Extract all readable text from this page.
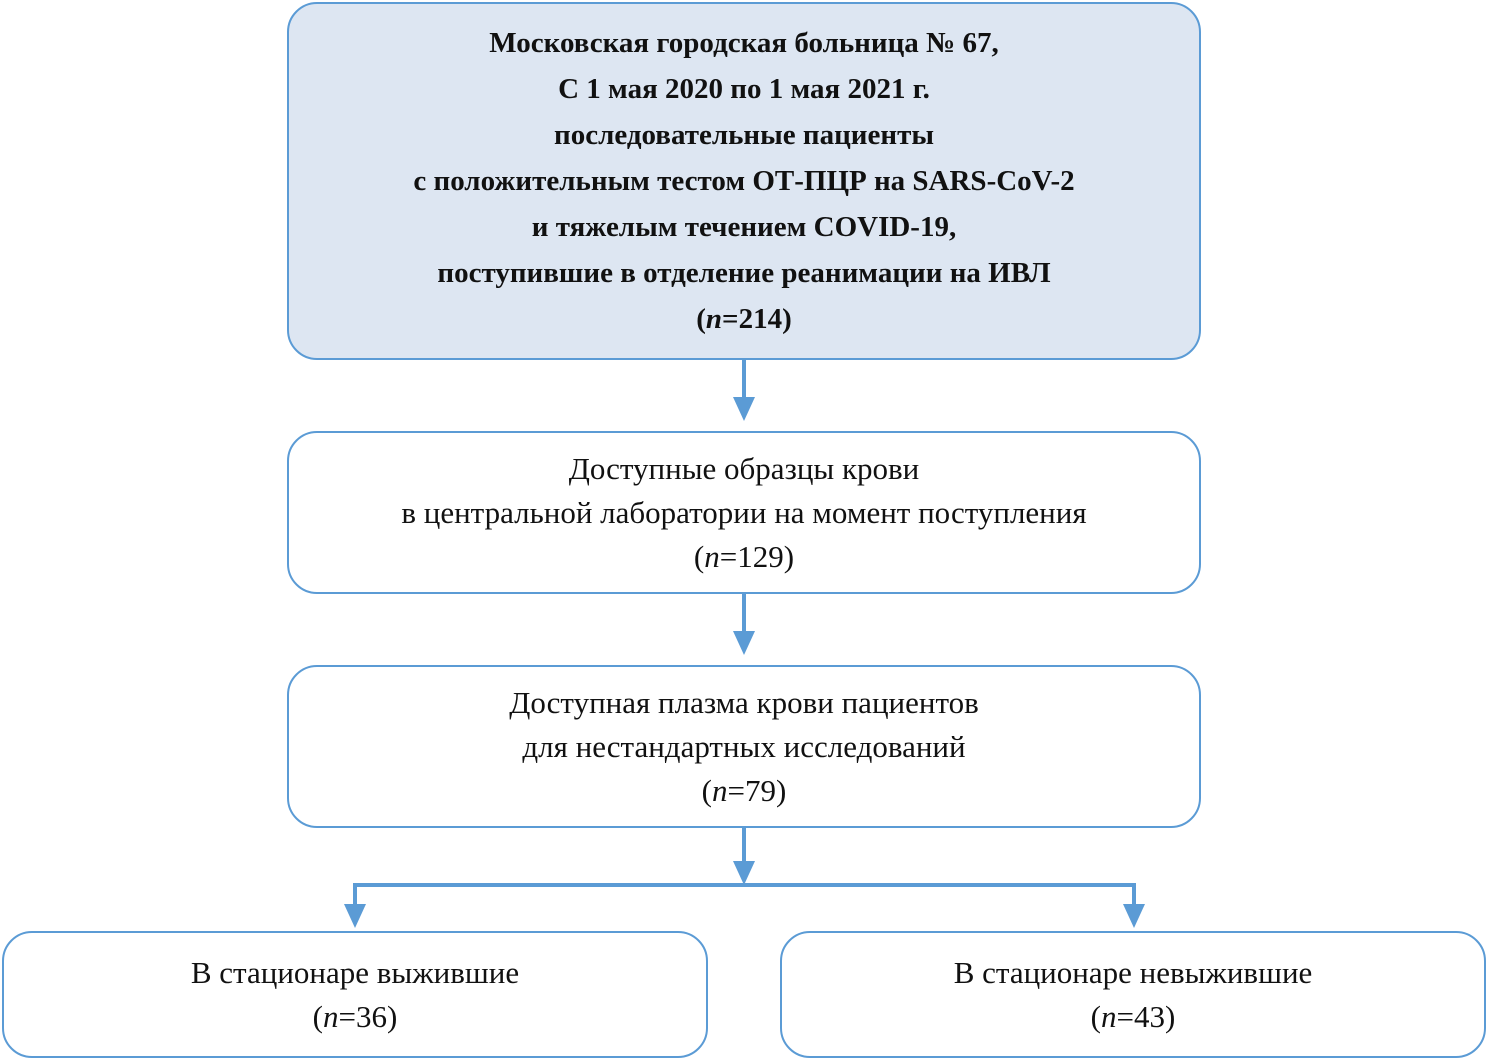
Московская городская больница № 67,
С 1 мая 2020 по 1 мая 2021 г.
последовательные пациенты
с положительным тестом ОТ-ПЦР на SARS-CoV-2
и тяжелым течением COVID-19,
поступившие в отделение реанимации на ИВЛ
(n=214)
Доступные образцы крови
в центральной лаборатории на момент поступления
(n=129)
Доступная плазма крови пациентов
для нестандартных исследований
(n=79)
В стационаре выжившие
(n=36)
В стационаре невыжившие
(n=43)
